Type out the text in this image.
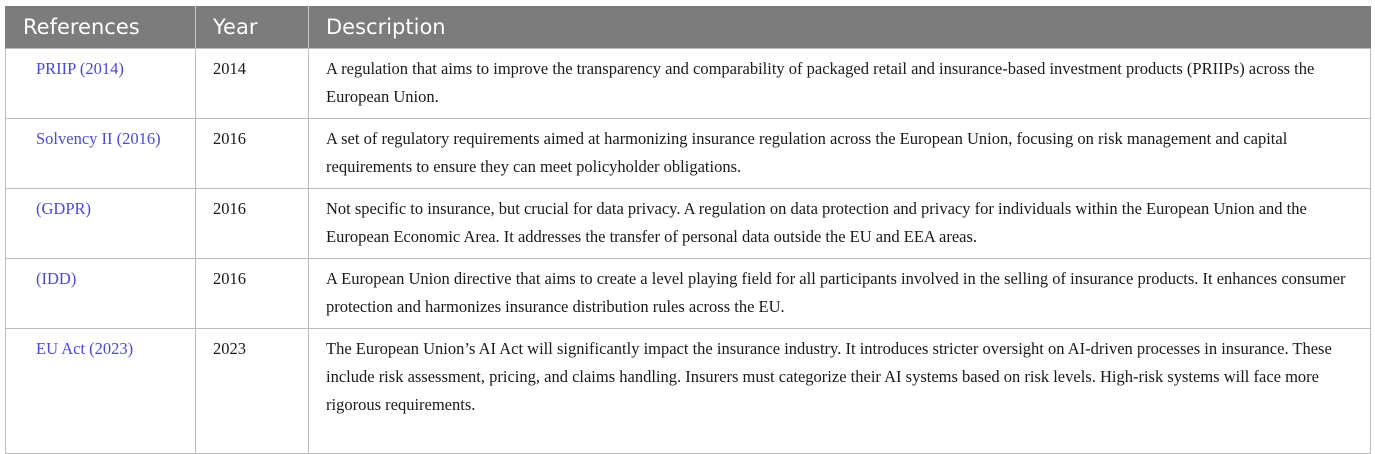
References	Year	Description
PRIIP (2014)	2014	A regulation that aims to improve the transparency and comparability of packaged retail and insurance-based investment products (PRIIPs) across the European Union.
Solvency II (2016)	2016	A set of regulatory requirements aimed at harmonizing insurance regulation across the European Union, focusing on risk management and capital requirements to ensure they can meet policyholder obligations.
(GDPR)	2016	Not specific to insurance, but crucial for data privacy. A regulation on data protection and privacy for individuals within the European Union and the European Economic Area. It addresses the transfer of personal data outside the EU and EEA areas.
(IDD)	2016	A European Union directive that aims to create a level playing field for all participants involved in the selling of insurance products. It enhances consumer protection and harmonizes insurance distribution rules across the EU.
EU Act (2023)	2023	The European Union’s AI Act will significantly impact the insurance industry. It introduces stricter oversight on AI-driven processes in insurance. These include risk assessment, pricing, and claims handling. Insurers must categorize their AI systems based on risk levels. High-risk systems will face more rigorous requirements.
